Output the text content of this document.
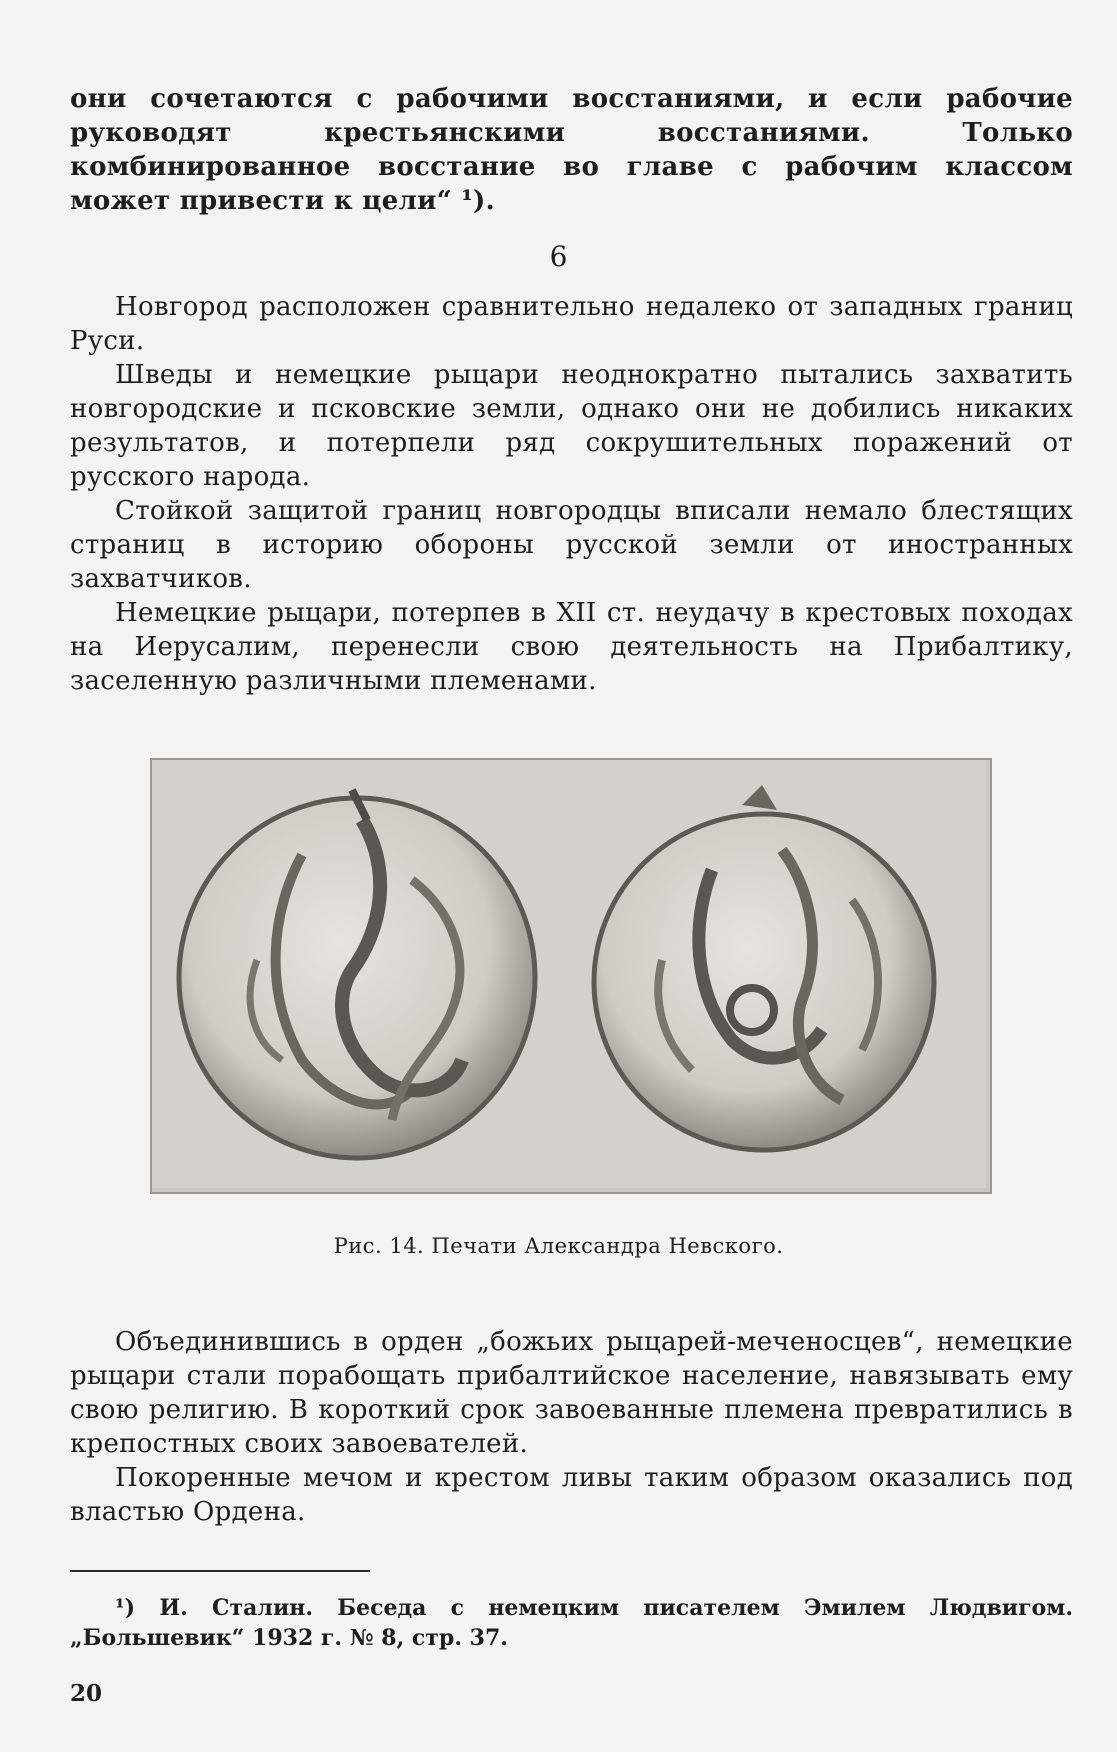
они сочетаются с рабочими восстаниями, и если рабочие руководят крестьянскими восстаниями. Только комбинированное восстание во главе с рабочим классом может привести к цели“ ¹).

6

Новгород расположен сравнительно недалеко от западных границ Руси.

Шведы и немецкие рыцари неоднократно пытались захватить новгородские и псковские земли, однако они не добились никаких результатов, и потерпели ряд сокрушительных поражений от русского народа.

Стойкой защитой границ новгородцы вписали немало блестящих страниц в историю обороны русской земли от иностранных захватчиков.

Немецкие рыцари, потерпев в XII ст. неудачу в крестовых походах на Иерусалим, перенесли свою деятельность на Прибалтику, заселенную различными племенами.

Рис. 14. Печати Александра Невского.

Объединившись в орден „божьих рыцарей-меченосцев“, немецкие рыцари стали порабощать прибалтийское население, навязывать ему свою религию. В короткий срок завоеванные племена превратились в крепостных своих завоевателей.

Покоренные мечом и крестом ливы таким образом оказались под властью Ордена.

¹) И. Сталин. Беседа с немецким писателем Эмилем Людвигом. „Большевик“ 1932 г. № 8, стр. 37.
20
